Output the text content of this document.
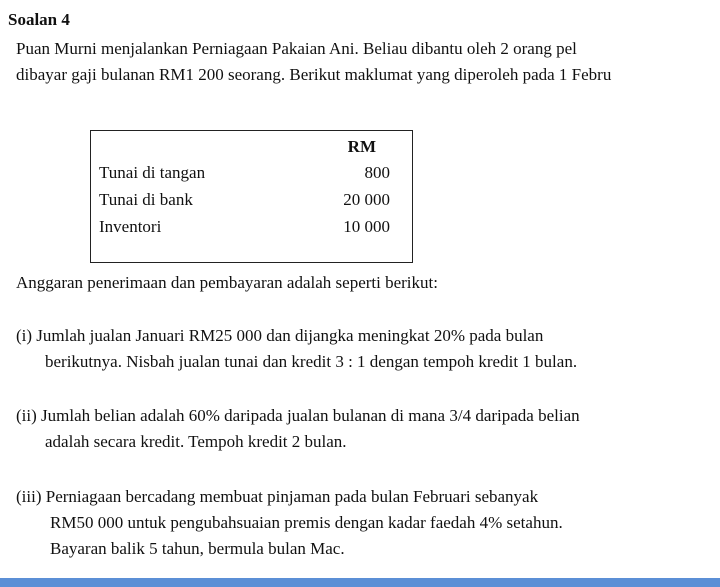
Soalan 4
Puan Murni menjalankan Perniagaan Pakaian Ani. Beliau dibantu oleh 2 orang pel
dibayar gaji bulanan RM1 200 seorang. Berikut maklumat yang diperoleh pada 1 Febru
RM
Tunai di tangan	800
Tunai di bank	20 000
Inventori	10 000
Anggaran penerimaan dan pembayaran adalah seperti berikut:
(i) Jumlah jualan Januari RM25 000 dan dijangka meningkat 20% pada bulan
berikutnya. Nisbah jualan tunai dan kredit 3 : 1 dengan tempoh kredit 1 bulan.
(ii) Jumlah belian adalah 60% daripada jualan bulanan di mana 3/4 daripada belian
adalah secara kredit. Tempoh kredit 2 bulan.
(iii) Perniagaan bercadang membuat pinjaman pada bulan Februari sebanyak
RM50 000 untuk pengubahsuaian premis dengan kadar faedah 4% setahun.
Bayaran balik 5 tahun, bermula bulan Mac.
